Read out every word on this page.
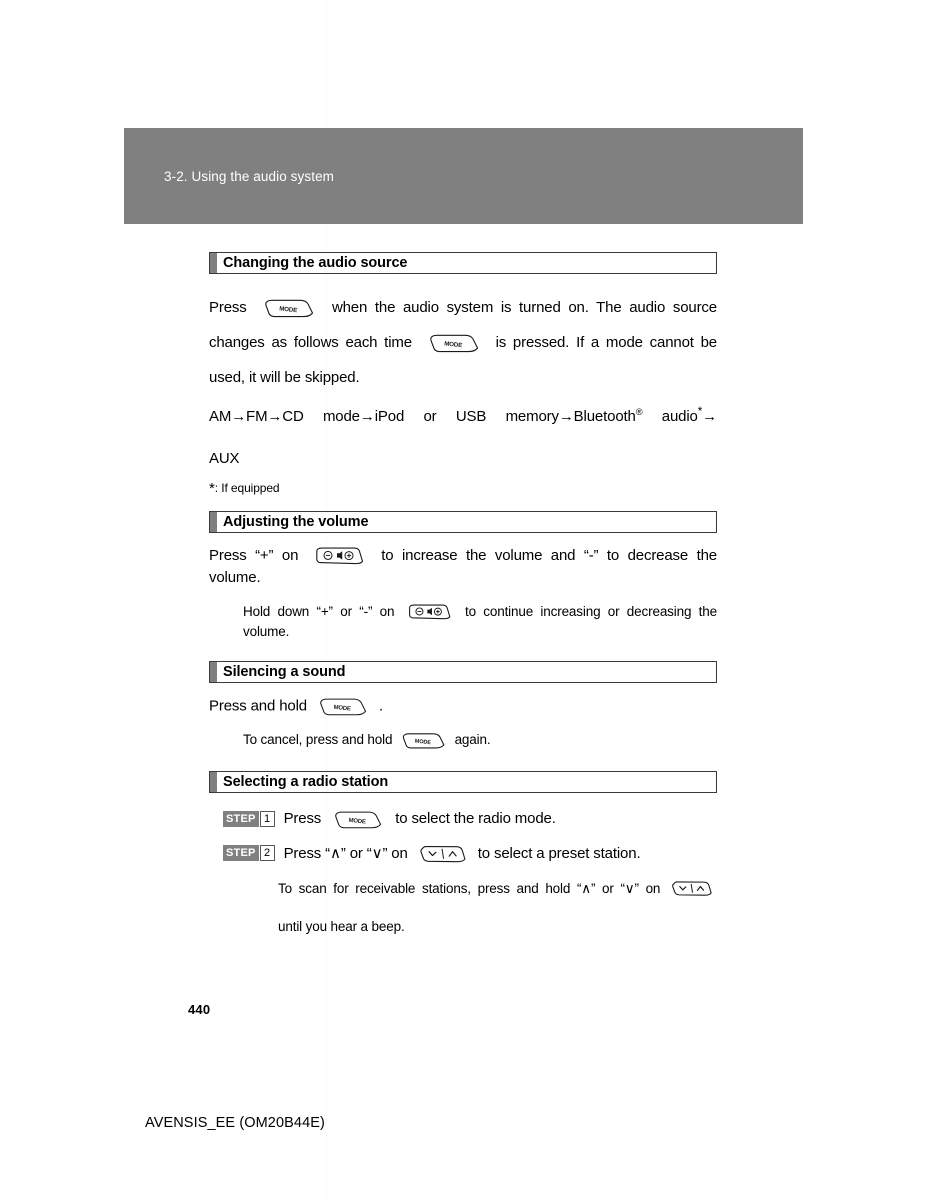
3-2. Using the audio system
Changing the audio source
Press	MODE when the audio system is turned on. The audio source changes as follows each time	MODE is pressed. If a mode cannot be used, it will be skipped.
AM→FM→CD mode→iPod or USB memory→Bluetooth® audio*→  AUX
*: If equipped
Adjusting the volume
Press “+” on	to increase the volume and “-” to decrease the volume.
Hold down “+” or “-” on	to continue increasing or decreasing the volume.
Silencing a sound
Press and hold	MODE .
To cancel, press and hold	MODE again.
Selecting a radio station
STEP 1 Press	MODE to select the radio mode.
STEP 2 Press “∧” or “∨” on	to select a preset station.
To scan for receivable stations, press and hold “∧” or “∨” on
until you hear a beep.
440
AVENSIS_EE (OM20B44E)
